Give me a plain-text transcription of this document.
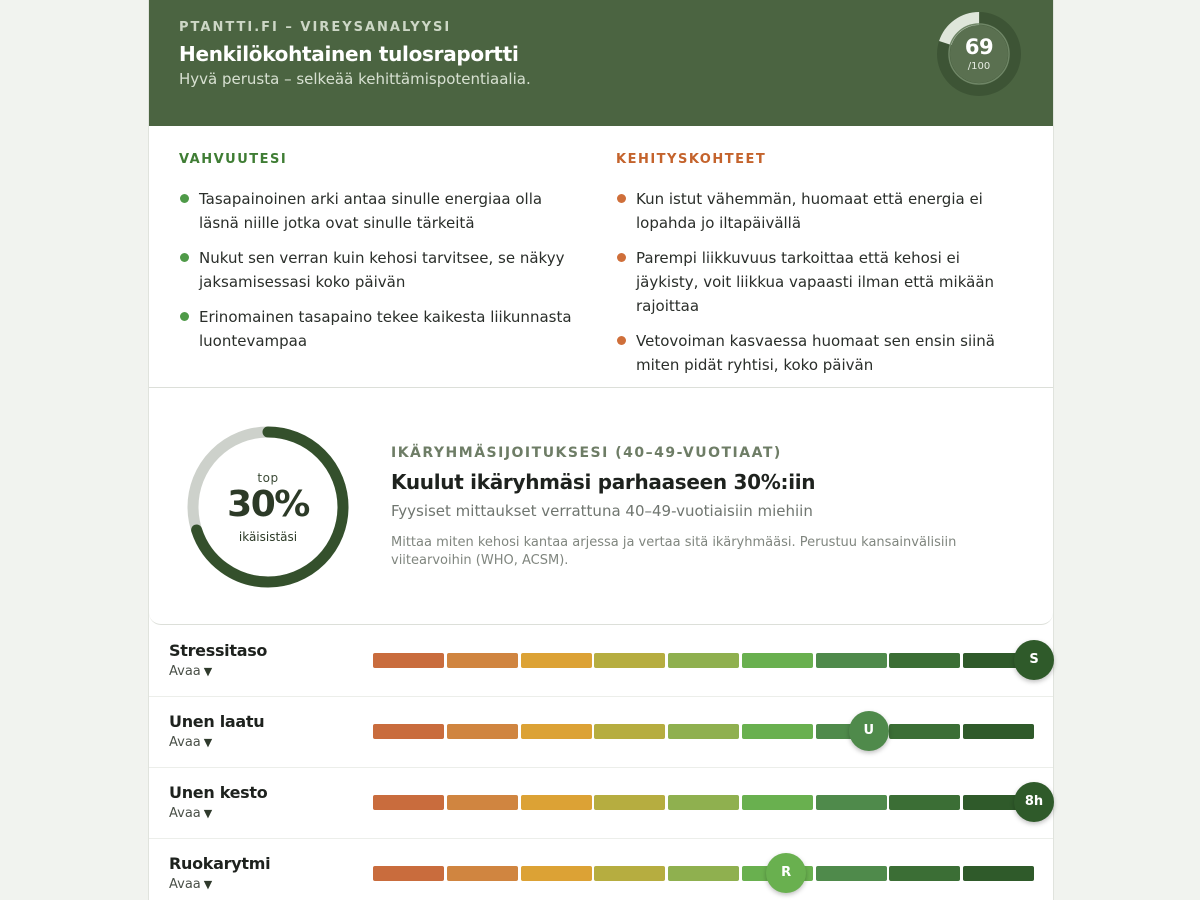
PTANTTI.FI – VIREYSANALYYSI
Henkilökohtainen tulosraportti
Hyvä perusta – selkeää kehittämispotentiaalia.
69
/100
VAHVUUTESI
Tasapainoinen arki antaa sinulle energiaa olla läsnä niille jotka ovat sinulle tärkeitä
Nukut sen verran kuin kehosi tarvitsee, se näkyy jaksamisessasi koko päivän
Erinomainen tasapaino tekee kaikesta liikunnasta luontevampaa
KEHITYSKOHTEET
Kun istut vähemmän, huomaat että energia ei lopahda jo iltapäivällä
Parempi liikkuvuus tarkoittaa että kehosi ei jäykisty, voit liikkua vapaasti ilman että mikään rajoittaa
Vetovoiman kasvaessa huomaat sen ensin siinä miten pidät ryhtisi, koko päivän
top
30%
ikäisistäsi
IKÄRYHMÄSIJOITUKSESI (40–49-VUOTIAAT)
Kuulut ikäryhmäsi parhaaseen 30%:iin
Fyysiset mittaukset verrattuna 40–49-vuotiaisiin miehiin
Mittaa miten kehosi kantaa arjessa ja vertaa sitä ikäryhmääsi. Perustuu kansainvälisiin viitearvoihin (WHO, ACSM).
Stressitaso
Avaa ▼
S
Unen laatu
Avaa ▼
U
Unen kesto
Avaa ▼
8h
Ruokarytmi
Avaa ▼
R
